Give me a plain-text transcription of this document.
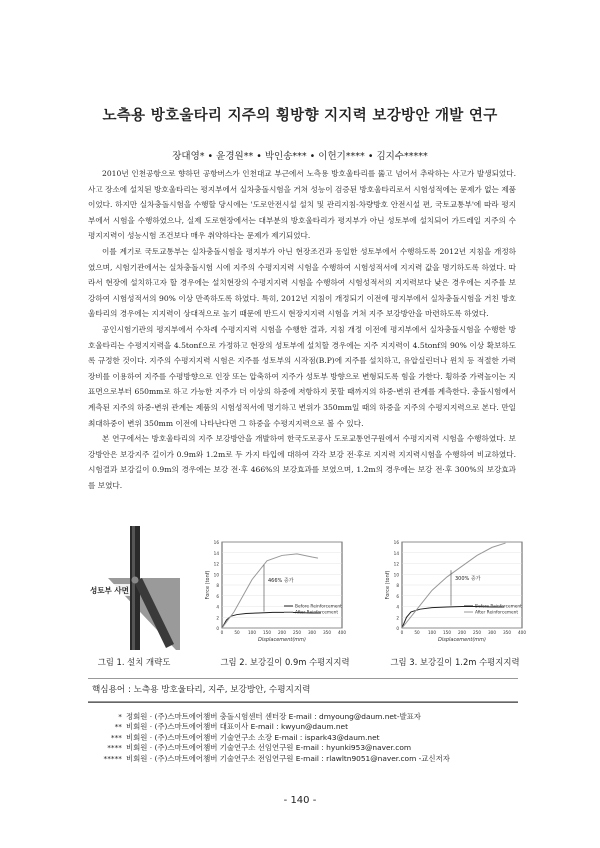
노측용 방호울타리 지주의 횡방향 지지력 보강방안 개발 연구
장대영* • 윤경원** • 박인송*** • 이헌기**** • 김지수*****

2010년 인천공항으로 향하던 공항버스가 인천대교 부근에서 노측용 방호울타리를 뚫고 넘어서 추락하는 사고가 발생되었다. 사고 장소에 설치된 방호울타리는 평지부에서 실차충돌시험을 거쳐 성능이 검증된 방호울타리로서 시험성적에는 문제가 없는 제품이었다. 하지만 실차충돌시험을 수행할 당시에는 '도로안전시설 설치 및 관리지침-차량방호 안전시설 편, 국토교통부'에 따라 평지부에서 시험을 수행하였으나, 실제 도로현장에서는 대부분의 방호울타리가 평지부가 아닌 성토부에 설치되어 가드레일 지주의 수평지지력이 성능시험 조건보다 매우 취약하다는 문제가 제기되었다.

이를 계기로 국토교통부는 실차충돌시험을 평지부가 아닌 현장조건과 동일한 성토부에서 수행하도록 2012년 지침을 개정하였으며, 시험기관에서는 실차충돌시험 시에 지주의 수평지지력 시험을 수행하여 시험성적서에 지지력 값을 명기하도록 하였다. 따라서 현장에 설치하고자 할 경우에는 설치현장의 수평지지력 시험을 수행하여 시험성적서의 지지력보다 낮은 경우에는 지주를 보강하여 시험성적서의 90% 이상 만족하도록 하였다. 특히, 2012년 지침이 개정되기 이전에 평지부에서 실차충돌시험을 거친 방호울타리의 경우에는 지지력이 상대적으로 높기 때문에 반드시 현장지지력 시험을 거쳐 지주 보강방안을 마련하도록 하였다.

공인시험기관의 평지부에서 수차례 수평지지력 시험을 수행한 결과, 지침 개정 이전에 평지부에서 실차충돌시험을 수행한 방호울타리는 수평지지력을 4.5tonf으로 가정하고 현장의 성토부에 설치할 경우에는 지주 지지력이 4.5tonf의 90% 이상 확보하도록 규정한 것이다. 지주의 수평지지력 시험은 지주를 성토부의 시작점(B.P)에 지주를 설치하고, 유압실린더나 윈치 등 적절한 가력장비를 이용하여 지주를 수평방향으로 인장 또는 압축하여 지주가 성토부 방향으로 변형되도록 힘을 가한다. 횡하중 가력높이는 지표면으로부터 650mm로 하고 가능한 지주가 더 이상의 하중에 저항하지 못할 때까지의 하중-변위 관계를 계측한다. 충돌시험에서 계측된 지주의 하중-변위 관계는 제품의 시험성적서에 명기하고 변위가 350mm일 때의 하중을 지주의 수평지지력으로 본다. 만일 최대하중이 변위 350mm 이전에 나타난다면 그 하중을 수평지지력으로 볼 수 있다.

본 연구에서는 방호울타리의 지주 보강방안을 개발하여 한국도로공사 도로교통연구원에서 수평지지력 시험을 수행하였다. 보강방안은 보강지주 길이가 0.9m와 1.2m로 두 가지 타입에 대하여 각각 보강 전·후로 지지력 지지력시험을 수행하여 비교하였다. 시험결과 보강길이 0.9m의 경우에는 보강 전·후 466%의 보강효과를 보였으며, 1.2m의 경우에는 보강 전·후 300%의 보강효과를 보였다.

성토부 사면
그림 1. 설치 개략도
0
2
4
6
8
10
12
14
16
0	50 100 150 200 250 300 350 400
Force (tonf)
Displacement(mm)
Before Reinforcement
After Reinforcement
466% 증가
그림 2. 보강길이 0.9m 수평지지력
0
2
4
6
8
10
12
14
16
0	50 100 150 200 250 300 350 400
Force (tonf)
Displacement(mm)
Before Reinforcement
After Reinforcement
300% 증가
그림 3. 보강길이 1.2m 수평지지력
핵심용어 : 노측용 방호울타리, 지주, 보강방안, 수평지지력
* 정회원 · (주)스마트에어챔버 충돌시험센터 센터장 E-mail : dmyoung@daum.net-발표자
** 비회원 · (주)스마트에어챔버 대표이사 E-mail : kwyun@daum.net
*** 비회원 · (주)스마트에어챔버 기술연구소 소장 E-mail : ispark43@daum.net
**** 비회원 · (주)스마트에어챔버 기술연구소 선임연구원 E-mail : hyunki953@naver.com
***** 비회원 · (주)스마트에어챔버 기술연구소 전임연구원 E-mail : rlawltn9051@naver.com -교신저자
- 140 -
